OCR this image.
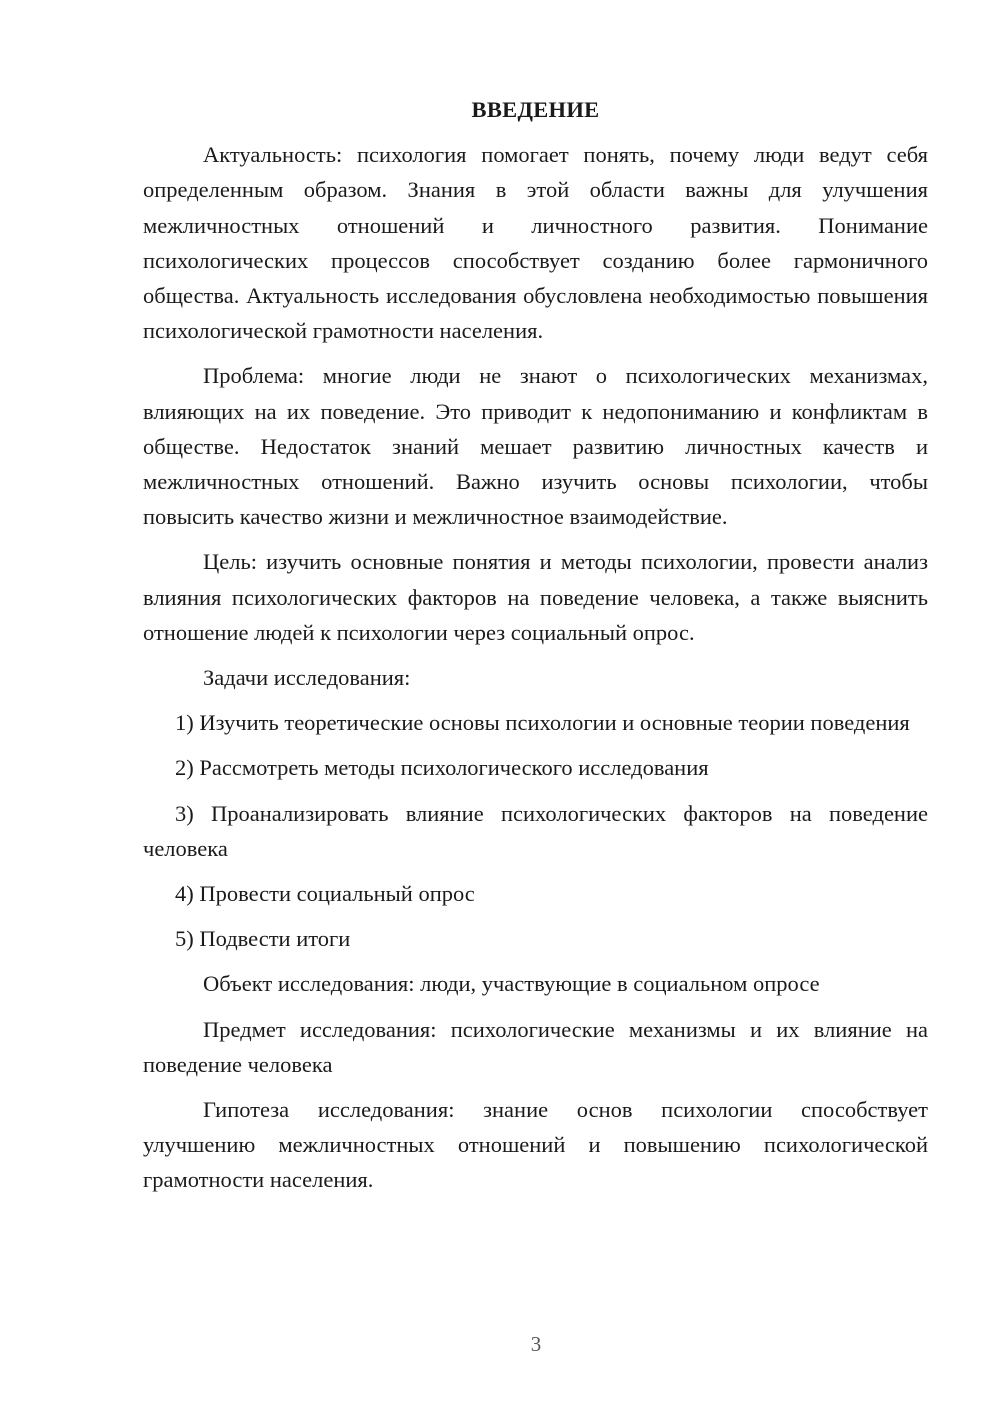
ВВЕДЕНИЕ

Актуальность: психология помогает понять, почему люди ведут себя определенным образом. Знания в этой области важны для улучшения межличностных отношений и личностного развития. Понимание психологических процессов способствует созданию более гармоничного общества. Актуальность исследования обусловлена необходимостью повышения психологической грамотности населения.

Проблема: многие люди не знают о психологических механизмах, влияющих на их поведение. Это приводит к недопониманию и конфликтам в обществе. Недостаток знаний мешает развитию личностных качеств и межличностных отношений. Важно изучить основы психологии, чтобы повысить качество жизни и межличностное взаимодействие.

Цель: изучить основные понятия и методы психологии, провести анализ влияния психологических факторов на поведение человека, а также выяснить отношение людей к психологии через социальный опрос.

Задачи исследования:

1) Изучить теоретические основы психологии и основные теории поведения

2) Рассмотреть методы психологического исследования

3) Проанализировать влияние психологических факторов на поведение человека

4) Провести социальный опрос

5) Подвести итоги

Объект исследования: люди, участвующие в социальном опросе

Предмет исследования: психологические механизмы и их влияние на поведение человека

Гипотеза исследования: знание основ психологии способствует улучшению межличностных отношений и повышению психологической грамотности населения.

3
